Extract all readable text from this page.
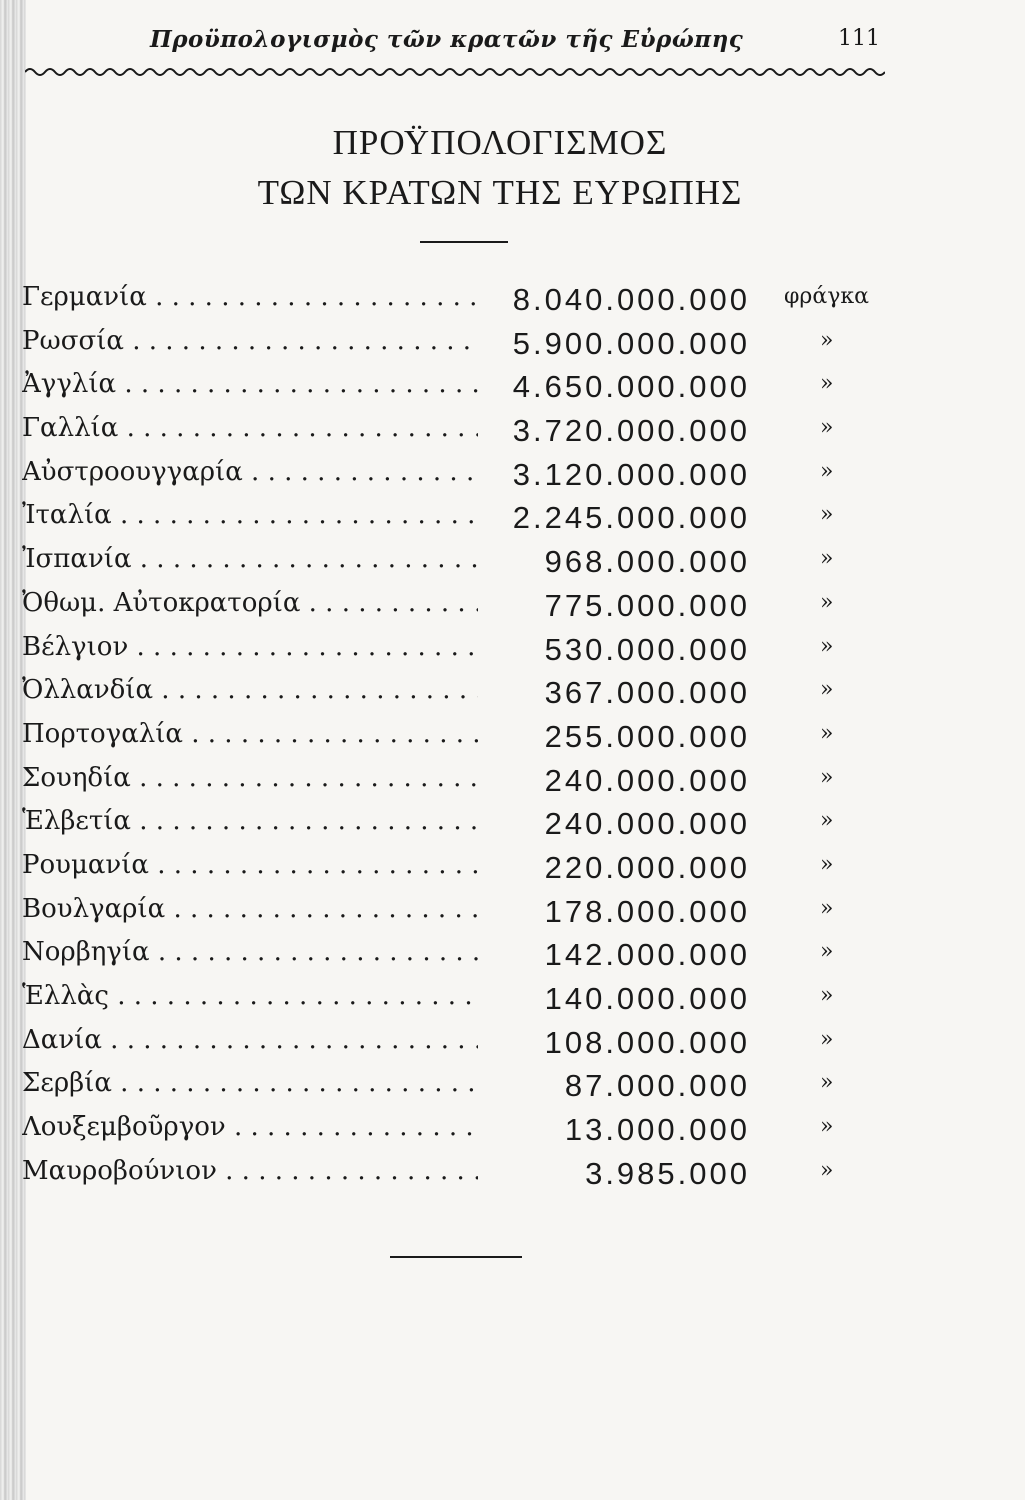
Προϋπολογισμὸς τῶν κρατῶν τῆς Εὐρώπης	111
ΠΡΟΫΠΟΛΟΓΙΣΜΟΣ
ΤΩΝ ΚΡΑΤΩΝ ΤΗΣ ΕΥΡΩΠΗΣ
Γερμανία . . .	8.040.000.000 φράγκα
Ρωσσία . . .	5.900.000.000	»
Ἀγγλία . . .	4.650.000.000	»
Γαλλία . . .	3.720.000.000	»
Αὐστροουγγαρία . . .	3.120.000.000	»
Ἰταλία . . .	2.245.000.000	»
Ἰσπανία . . .	968.000.000	»
Ὀθωμ. Αὐτοκρατορία . . .	775.000.000	»
Βέλγιον . . .	530.000.000	»
Ὀλλανδία . . .	367.000.000	»
Πορτογαλία . . .	255.000.000	»
Σουηδία . . .	240.000.000	»
Ἑλβετία . . .	240.000.000	»
Ρουμανία . . .	220.000.000	»
Βουλγαρία . . .	178.000.000	»
Νορβηγία . . .	142.000.000	»
Ἑλλὰς . . .	140.000.000	»
Δανία . . .	108.000.000	»
Σερβία . . .	87.000.000	»
Λουξεμβοῦργον . . .	13.000.000	»
Μαυροβούνιον . . .	3.985.000	»
